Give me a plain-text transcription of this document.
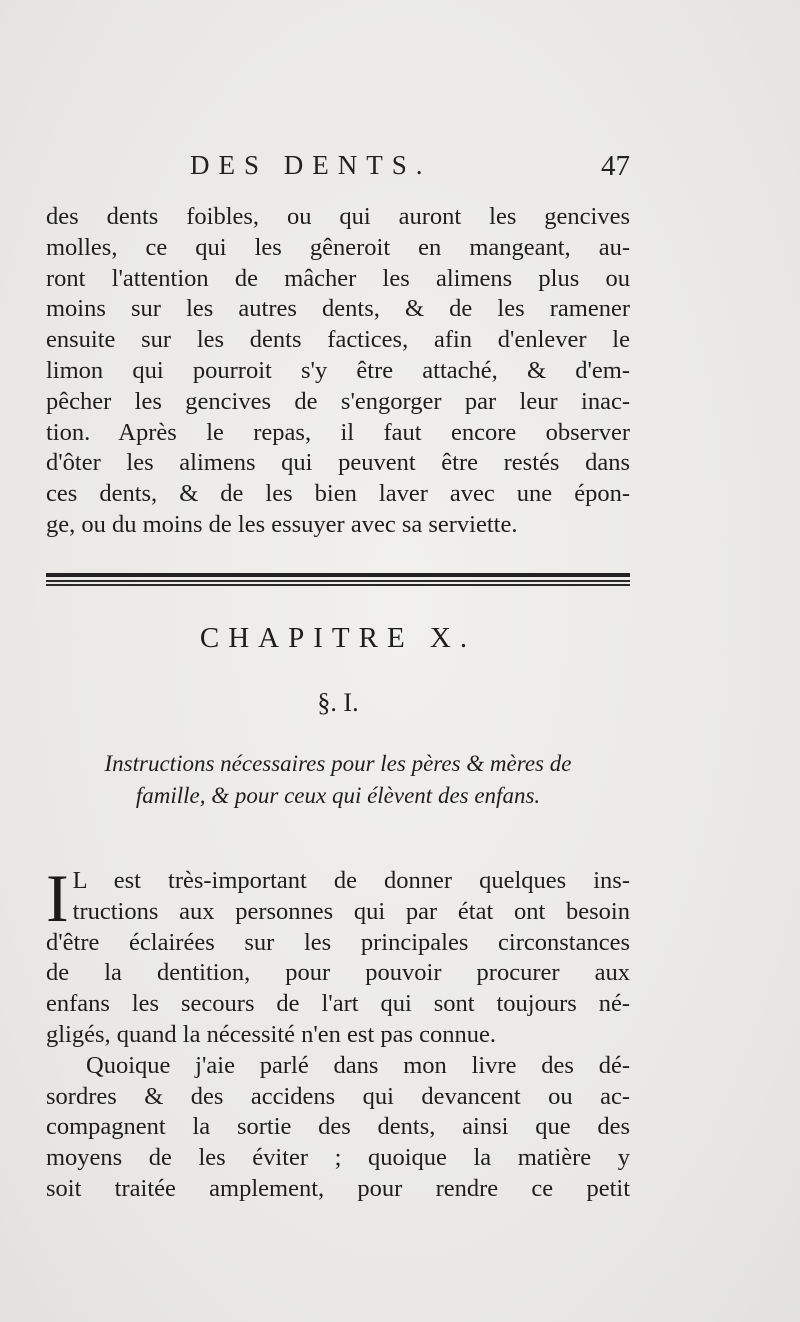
DES DENTS.	47
des dents foibles, ou qui auront les gencives
molles, ce qui les gêneroit en mangeant, au-
ront l'attention de mâcher les alimens plus ou
moins sur les autres dents, & de les ramener
ensuite sur les dents factices, afin d'enlever le
limon qui pourroit s'y être attaché, & d'em-
pêcher les gencives de s'engorger par leur inac-
tion. Après le repas, il faut encore observer
d'ôter les alimens qui peuvent être restés dans
ces dents, & de les bien laver avec une épon-
ge, ou du moins de les essuyer avec sa serviette.
CHAPITRE X.
§. I.
Instructions nécessaires pour les pères & mères de
famille, & pour ceux qui élèvent des enfans.
I L est très-important de donner quelques ins-
tructions aux personnes qui par état ont besoin
d'être éclairées sur les principales circonstances
de la dentition, pour pouvoir procurer aux
enfans les secours de l'art qui sont toujours né-
gligés, quand la nécessité n'en est pas connue.
Quoique j'aie parlé dans mon livre des dé-
sordres & des accidens qui devancent ou ac-
compagnent la sortie des dents, ainsi que des
moyens de les éviter ; quoique la matière y
soit traitée amplement, pour rendre ce petit
